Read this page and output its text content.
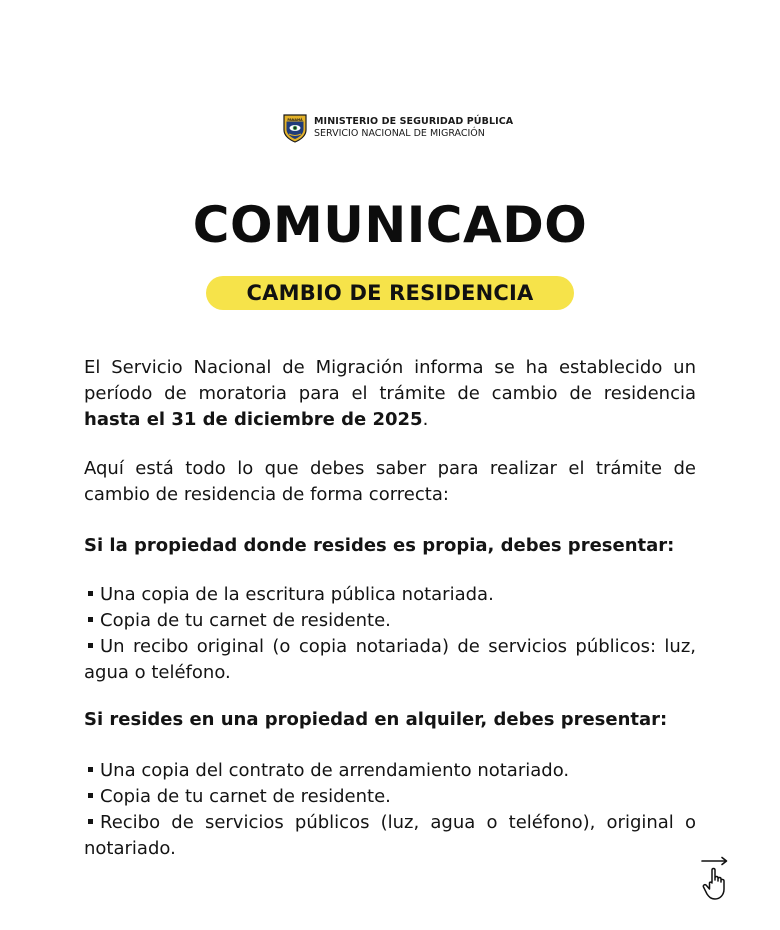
PANAMÁ MINISTERIO DE SEGURIDAD PÚBLICA
SERVICIO NACIONAL DE MIGRACIÓN
COMUNICADO
CAMBIO DE RESIDENCIA
El Servicio Nacional de Migración informa se ha establecido un período de moratoria para el trámite de cambio de residencia hasta el 31 de diciembre de 2025.
Aquí está todo lo que debes saber para realizar el trámite de cambio de residencia de forma correcta:
Si la propiedad donde resides es propia, debes presentar:
Una copia de la escritura pública notariada.
Copia de tu carnet de residente.
Un recibo original (o copia notariada) de servicios públicos: luz, agua o teléfono.
Si resides en una propiedad en alquiler, debes presentar:
Una copia del contrato de arrendamiento notariado.
Copia de tu carnet de residente.
Recibo de servicios públicos (luz, agua o teléfono), original o notariado.
